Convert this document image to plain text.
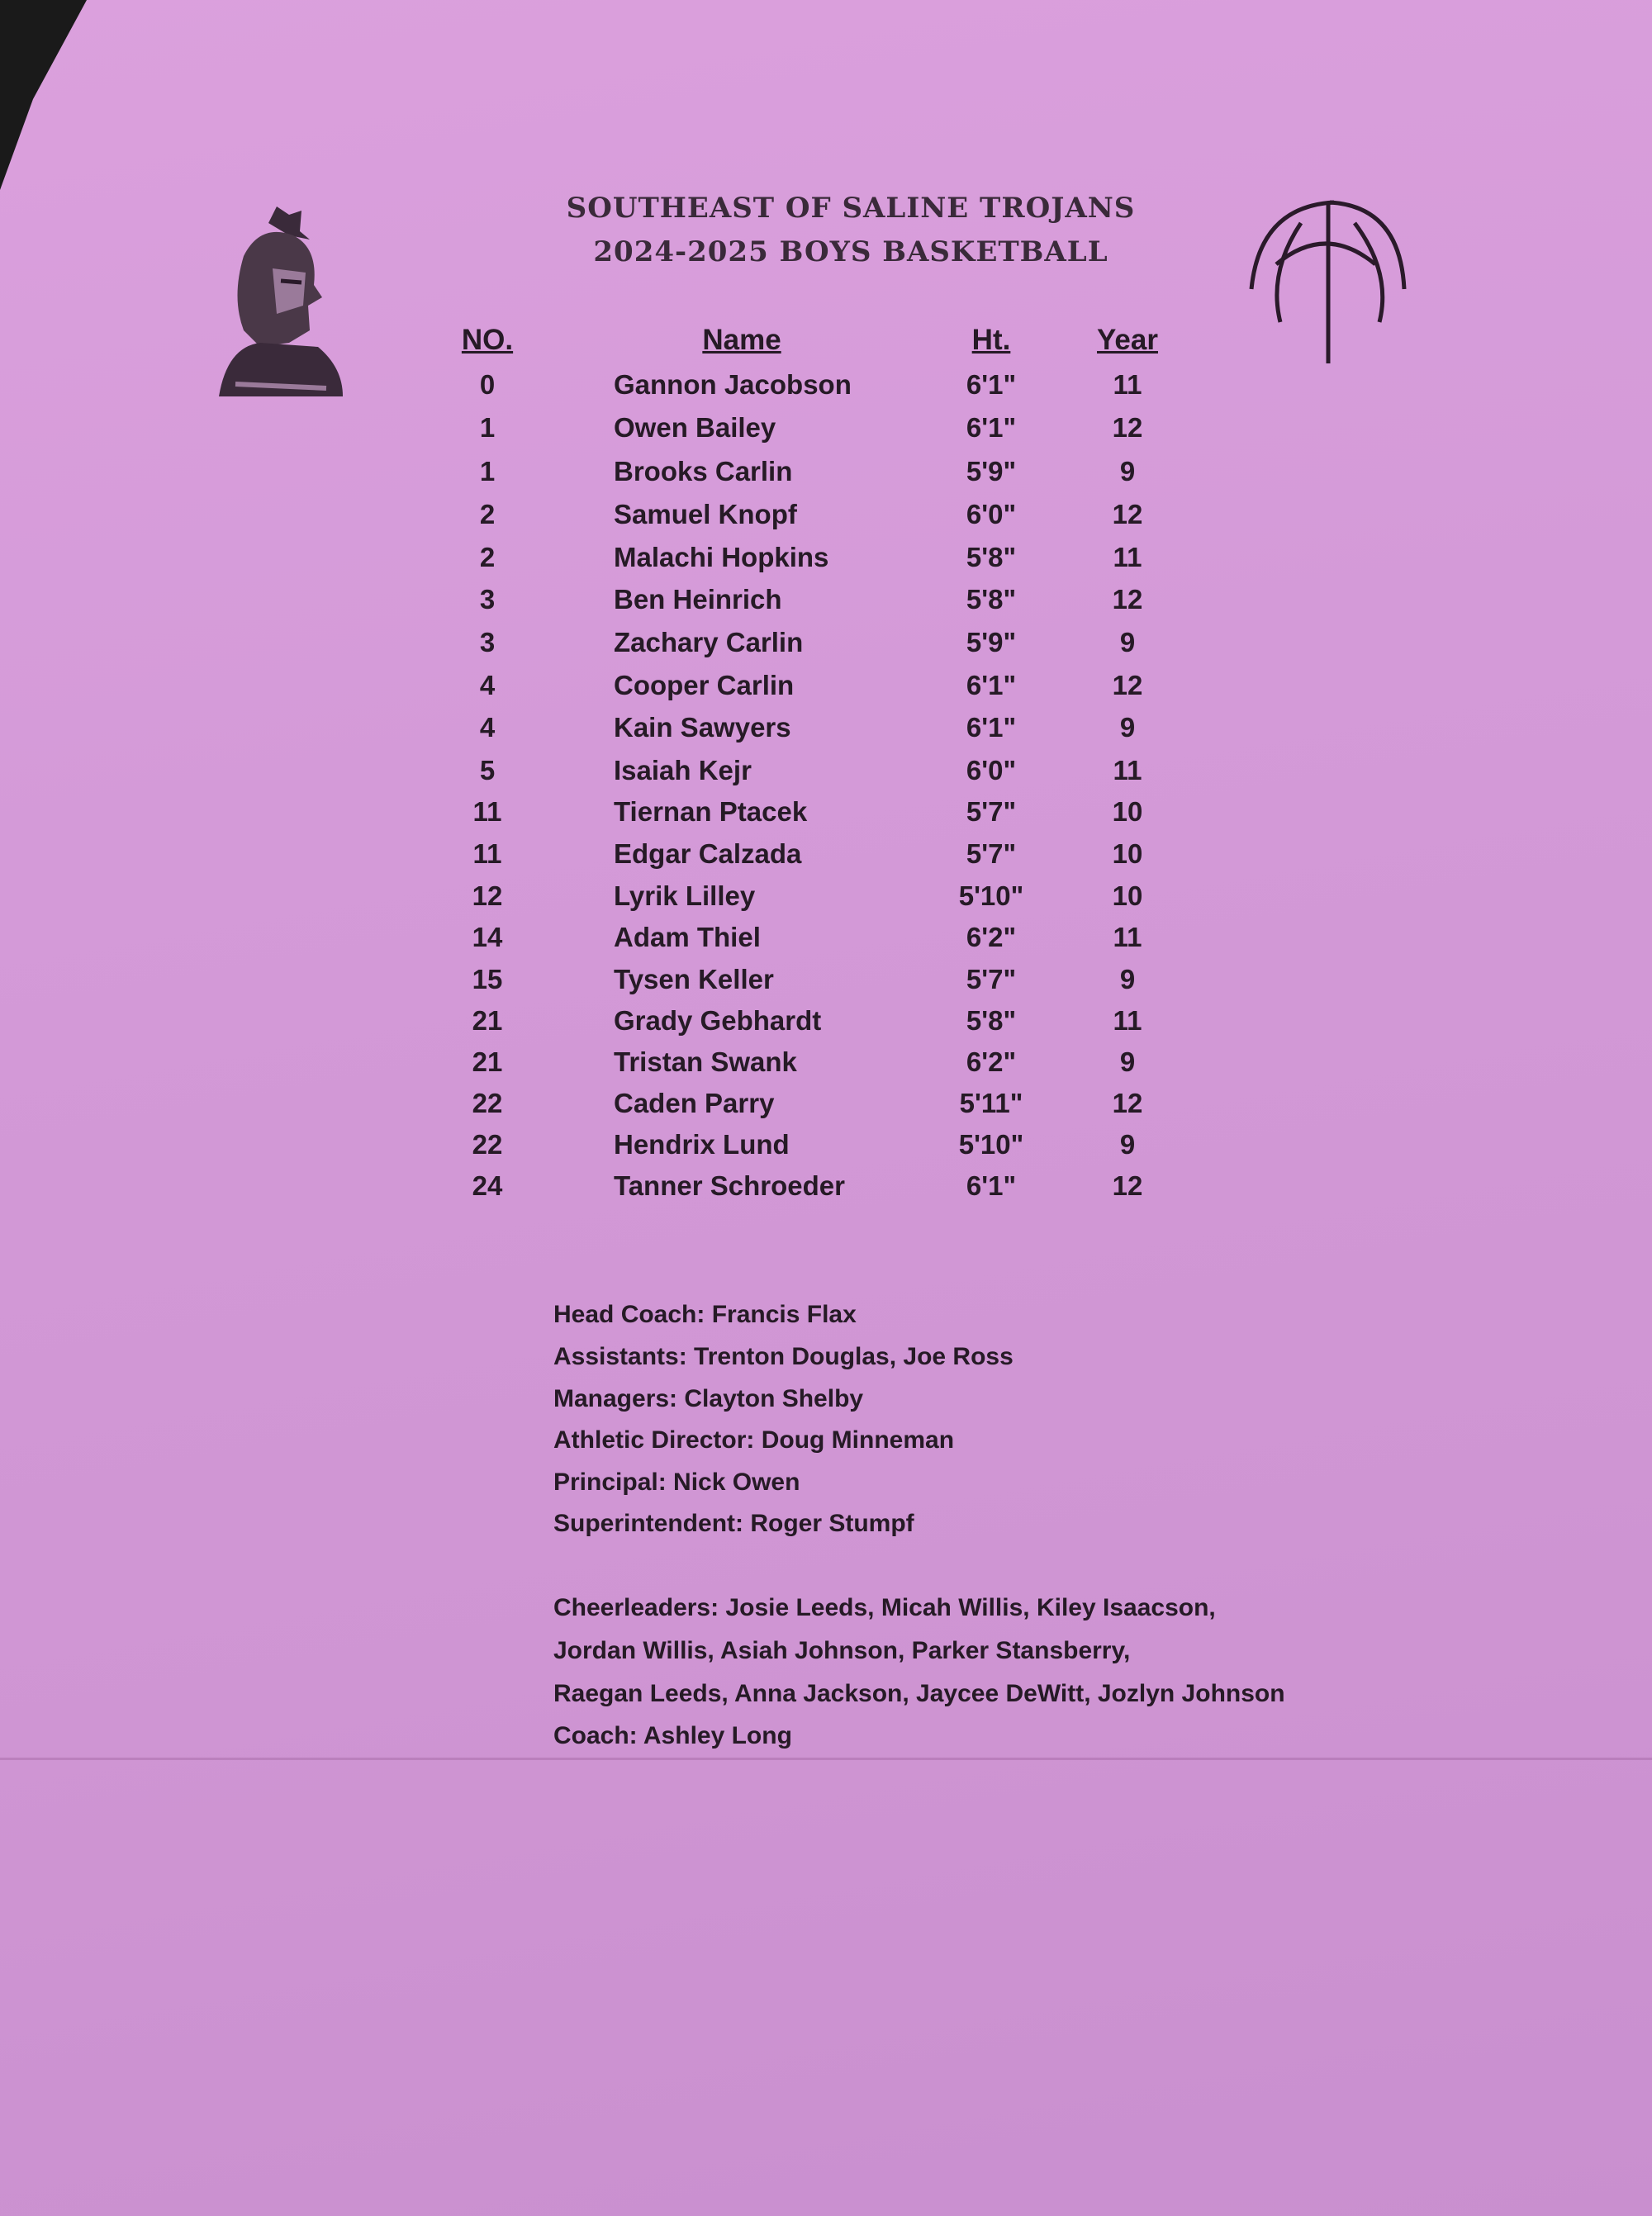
SOUTHEAST OF SALINE TROJANS
2024-2025 BOYS BASKETBALL
NO.	Name	Ht.	Year
0	Gannon Jacobson	6'1"	11
1	Owen Bailey	6'1"	12
1	Brooks Carlin	5'9"	9
2	Samuel Knopf	6'0"	12
2	Malachi Hopkins	5'8"	11
3	Ben Heinrich	5'8"	12
3	Zachary Carlin	5'9"	9
4	Cooper Carlin	6'1"	12
4	Kain Sawyers	6'1"	9
5	Isaiah Kejr	6'0"	11
11	Tiernan Ptacek	5'7"	10
11	Edgar Calzada	5'7"	10
12	Lyrik Lilley	5'10"	10
14	Adam Thiel	6'2"	11
15	Tysen Keller	5'7"	9
21	Grady Gebhardt	5'8"	11
21	Tristan Swank	6'2"	9
22	Caden Parry	5'11"	12
22	Hendrix Lund	5'10"	9
24	Tanner Schroeder	6'1"	12
Head Coach: Francis Flax
Assistants: Trenton Douglas, Joe Ross
Managers: Clayton Shelby
Athletic Director: Doug Minneman
Principal: Nick Owen
Superintendent: Roger Stumpf
Cheerleaders: Josie Leeds, Micah Willis, Kiley Isaacson,
Jordan Willis, Asiah Johnson, Parker Stansberry,
Raegan Leeds, Anna Jackson, Jaycee DeWitt, Jozlyn Johnson
Coach: Ashley Long
